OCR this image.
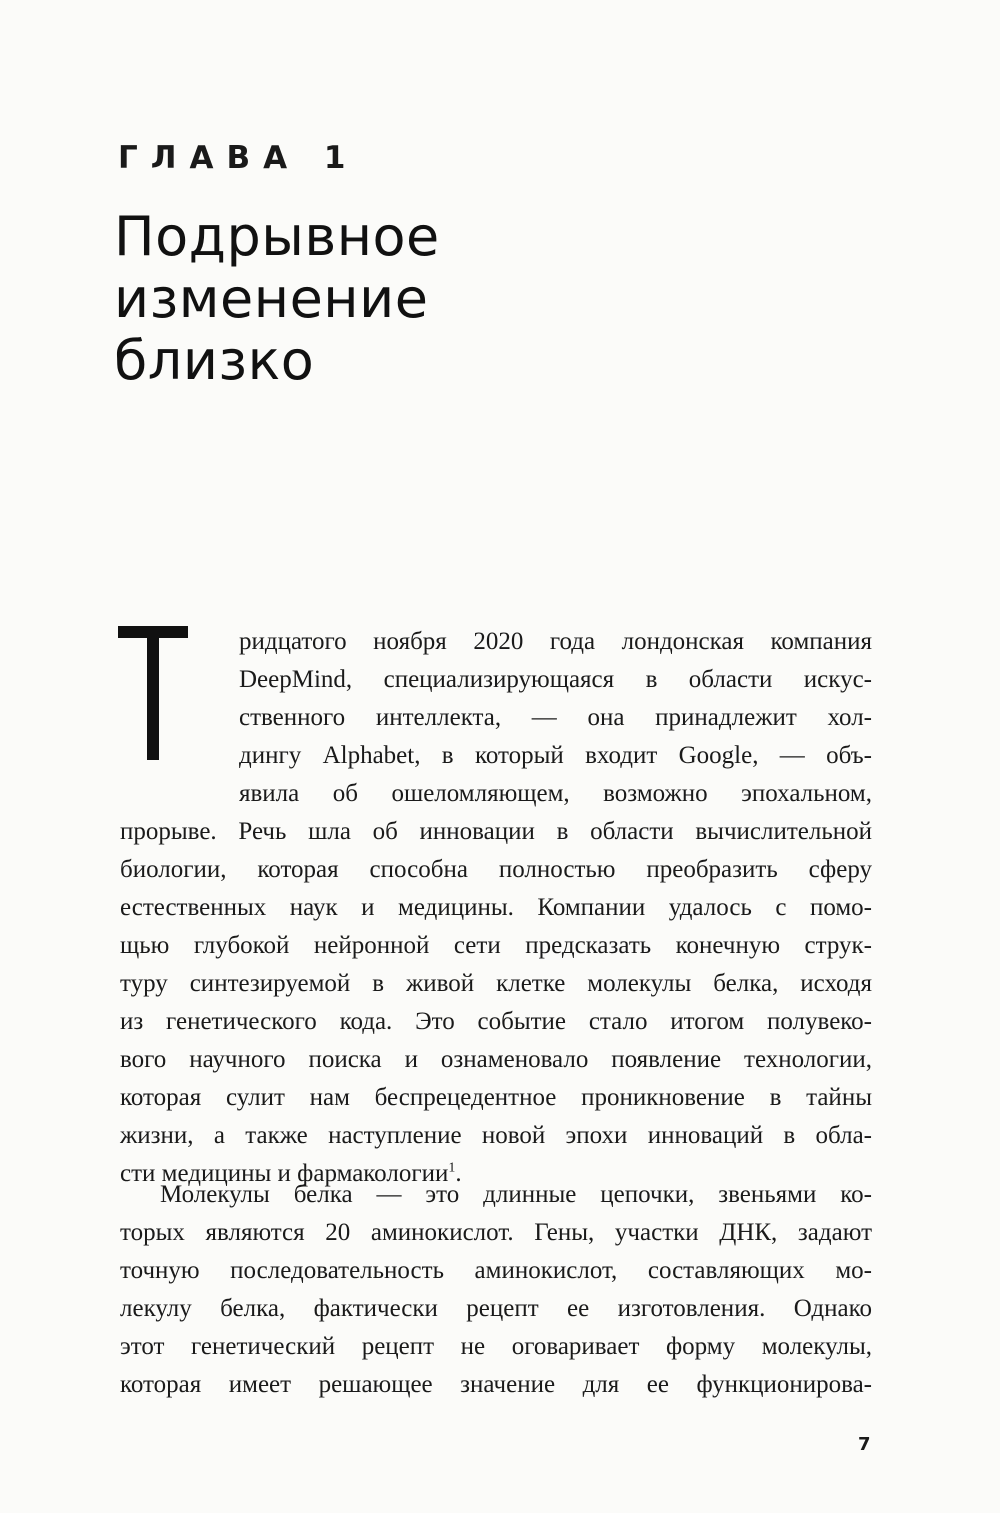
ГЛАВА 1
Подрывное
изменение
близко
ридцатого ноября 2020 года лондонская компания
DeepMind, специализирующаяся в области искус-
ственного интеллекта, — она принадлежит хол-
дингу Alphabet, в который входит Google, — объ-
явила об ошеломляющем, возможно эпохальном,
прорыве. Речь шла об инновации в области вычислительной
биологии, которая способна полностью преобразить сферу
естественных наук и медицины. Компании удалось с помо-
щью глубокой нейронной сети предсказать конечную струк-
туру синтезируемой в живой клетке молекулы белка, исходя
из генетического кода. Это событие стало итогом полувеко-
вого научного поиска и ознаменовало появление технологии,
которая сулит нам беспрецедентное проникновение в тайны
жизни, а также наступление новой эпохи инноваций в обла-
сти медицины и фармакологии$^1$.
Молекулы белка — это длинные цепочки, звеньями ко-
торых являются 20 аминокислот. Гены, участки ДНК, задают
точную последовательность аминокислот, составляющих мо-
лекулу белка, фактически рецепт ее изготовления. Однако
этот генетический рецепт не оговаривает форму молекулы,
которая имеет решающее значение для ее функционирова-
7
